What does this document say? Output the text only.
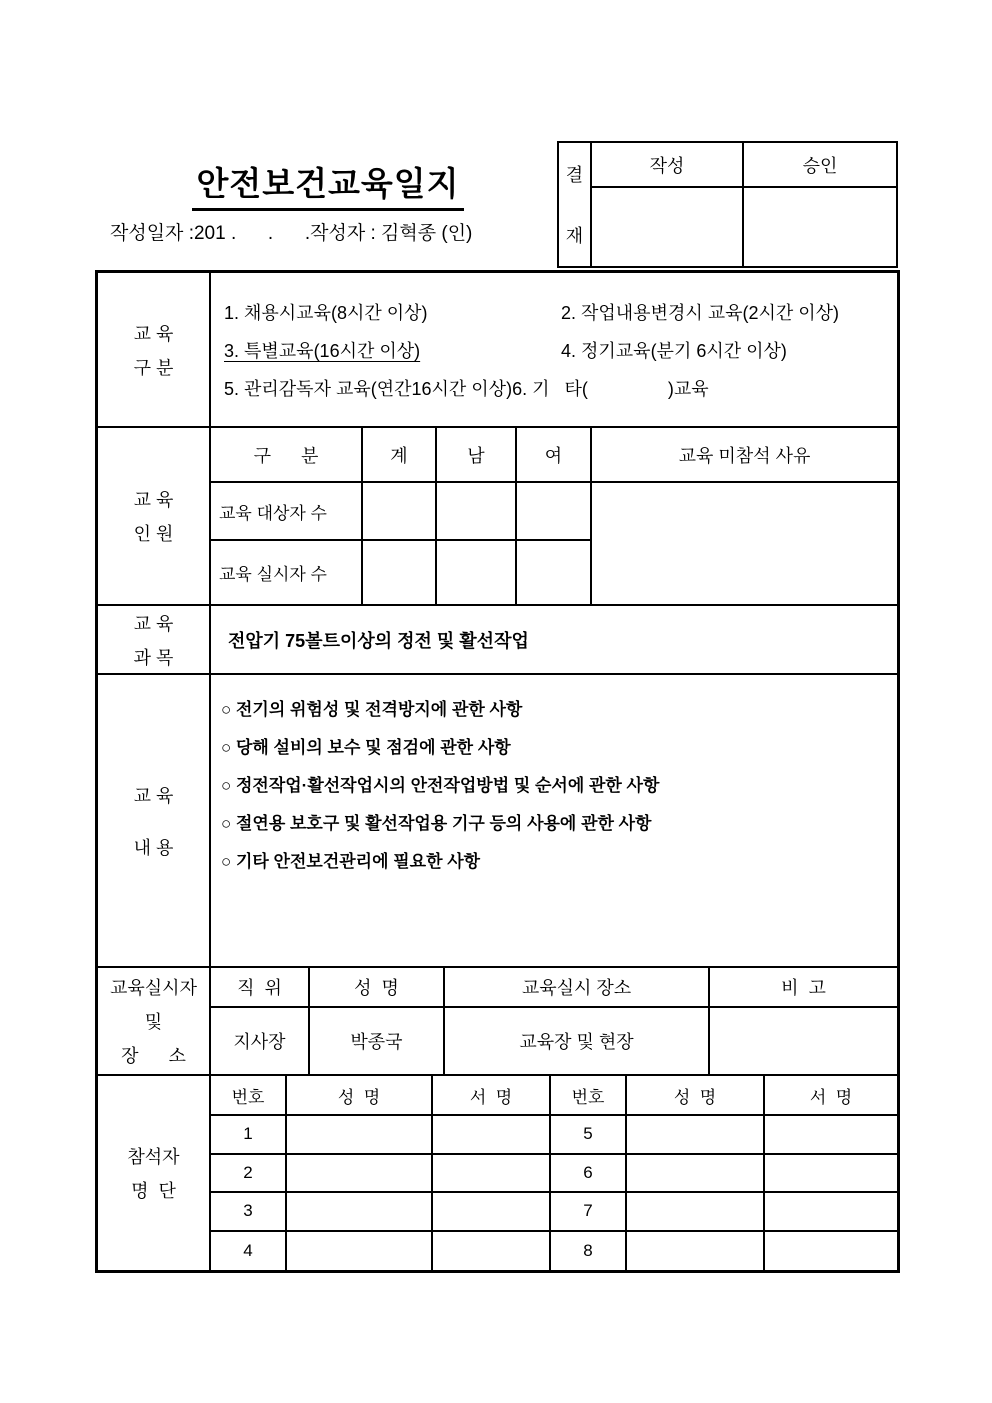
안전보건교육일지
작성일자 :201 .      .      .작성자 : 김혁종 (인)
결
재
작성	승인
교 육
구 분
1. 채용시교육(8시간 이상)	2. 작업내용변경시 교육(2시간 이상)
3. 특별교육(16시간 이상)	4. 정기교육(분기 6시간 이상)
5. 관리감독자 교육(연간16시간 이상)6. 기   타(                )교육
교 육
인 원
구      분	계	남	여	교육 미참석 사유
교육 대상자 수
교육 실시자 수
교 육
과 목
전압기 75볼트이상의 정전 및 활선작업
교 육
내 용
○ 전기의 위험성 및 전격방지에 관한 사항
○ 당해 설비의 보수 및 점검에 관한 사항
○ 정전작업·활선작업시의 안전작업방법 및 순서에 관한 사항
○ 절연용 보호구 및 활선작업용 기구 등의 사용에 관한 사항
○ 기타 안전보건관리에 필요한 사항
교육실시자
및
장      소
직  위	성  명	교육실시 장소	비  고
지사장	박종국	교육장 및 현장
참석자
명  단
번호	성  명	서  명	번호	성  명	서  명
1	5
2	6
3	7
4	8
